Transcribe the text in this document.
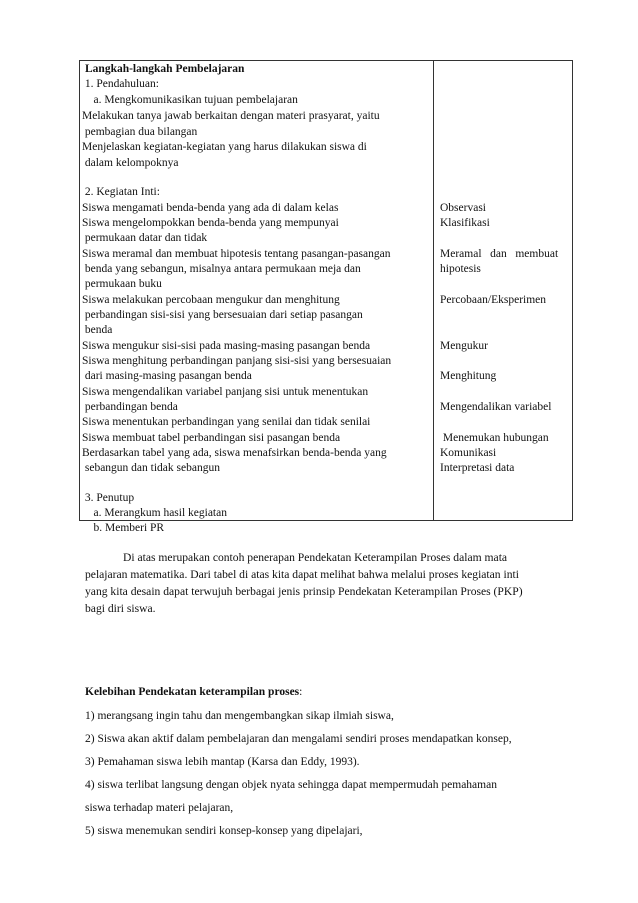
Langkah-langkah Pembelajaran
1. Pendahuluan:
a. Mengkomunikasikan tujuan pembelajaran
Melakukan tanya jawab berkaitan dengan materi prasyarat, yaitu
pembagian dua bilangan
Menjelaskan kegiatan-kegiatan yang harus dilakukan siswa di
dalam kelompoknya
2. Kegiatan Inti:
Siswa mengamati benda-benda yang ada di dalam kelas
Siswa mengelompokkan benda-benda yang mempunyai
permukaan datar dan tidak
Siswa meramal dan membuat hipotesis tentang pasangan-pasangan
benda yang sebangun, misalnya antara permukaan meja dan
permukaan buku
Siswa melakukan percobaan mengukur dan menghitung
perbandingan sisi-sisi yang bersesuaian dari setiap pasangan
benda
Siswa mengukur sisi-sisi pada masing-masing pasangan benda
Siswa menghitung perbandingan panjang sisi-sisi yang bersesuaian
dari masing-masing pasangan benda
Siswa mengendalikan variabel panjang sisi untuk menentukan
perbandingan benda
Siswa menentukan perbandingan yang senilai dan tidak senilai
Siswa membuat tabel perbandingan sisi pasangan benda
Berdasarkan tabel yang ada, siswa menafsirkan benda-benda yang
sebangun dan tidak sebangun
3. Penutup
a. Merangkum hasil kegiatan
b. Memberi PR
Observasi
Klasifikasi
Meramal   dan   membuat
hipotesis
Percobaan/Eksperimen
Mengukur
Menghitung
Mengendalikan variabel
Menemukan hubungan
Komunikasi
Interpretasi data
Di atas merupakan contoh penerapan Pendekatan Keterampilan Proses dalam mata
pelajaran matematika. Dari tabel di atas kita dapat melihat bahwa melalui proses kegiatan inti
yang kita desain dapat terwujuh berbagai jenis prinsip Pendekatan Keterampilan Proses (PKP)
bagi diri siswa.
Kelebihan Pendekatan keterampilan proses:
1) merangsang ingin tahu dan mengembangkan sikap ilmiah siswa,
2) Siswa akan aktif dalam pembelajaran dan mengalami sendiri proses mendapatkan konsep,
3) Pemahaman siswa lebih mantap (Karsa dan Eddy, 1993).
4) siswa terlibat langsung dengan objek nyata sehingga dapat mempermudah pemahaman
siswa terhadap materi pelajaran,
5) siswa menemukan sendiri konsep-konsep yang dipelajari,
